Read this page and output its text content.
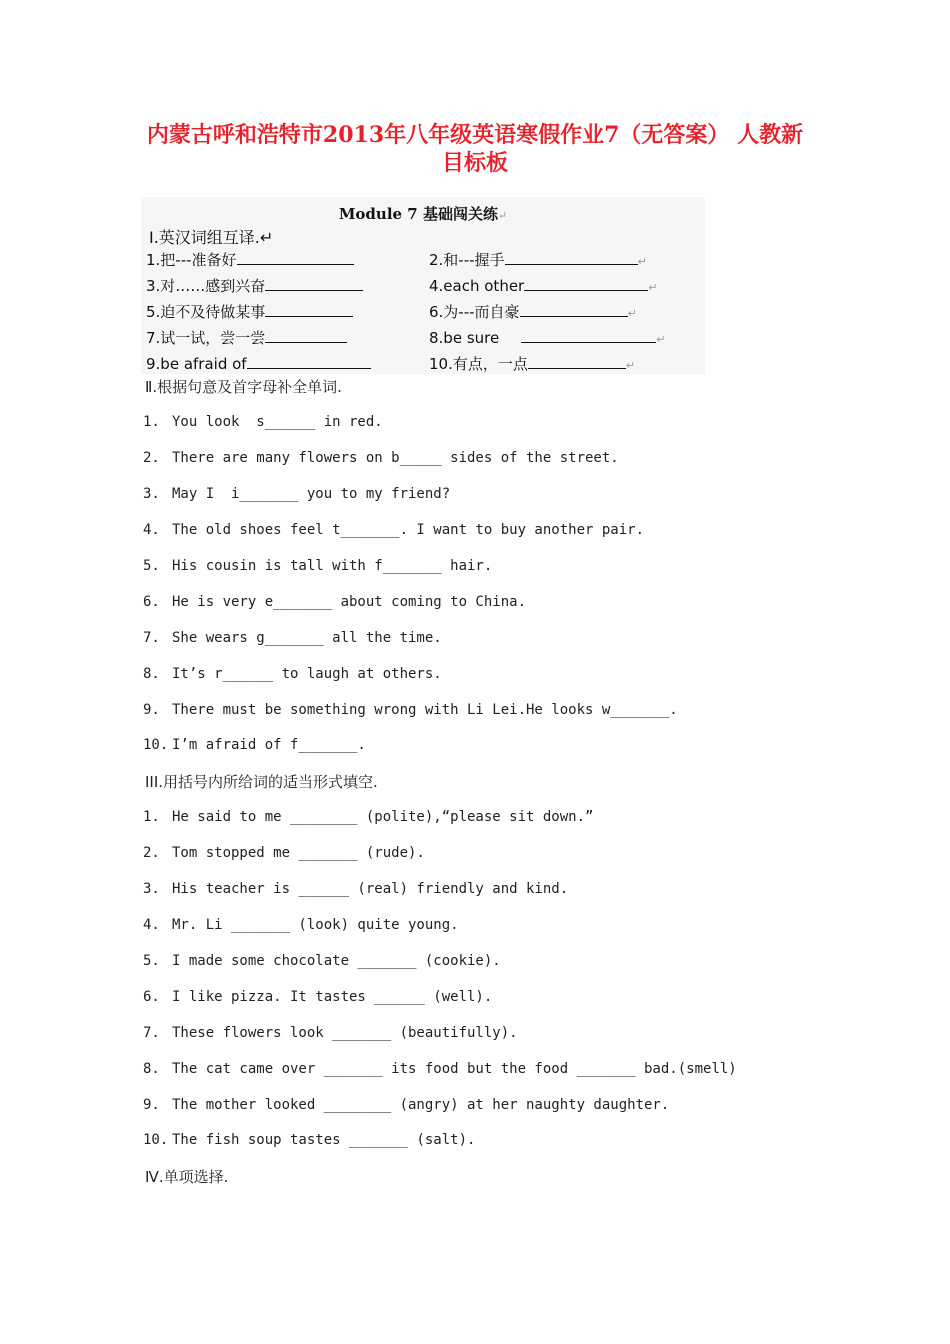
内蒙古呼和浩特市2013年八年级英语寒假作业7（无答案） 人教新
目标板
Module 7 基础闯关练↵
Ⅰ.英汉词组互译.↵
1.把---准备好	2.和---握手	↵
3.对……感到兴奋	4.each other	↵
5.迫不及待做某事	6.为---而自豪	↵
7.试一试，尝一尝	8.be sure	↵
9.be afraid of	10.有点，一点	↵
Ⅱ.根据句意及首字母补全单词.
1. You look  s______ in red.
2. There are many flowers on b_____ sides of the street.
3. May I  i_______ you to my friend?
4. The old shoes feel t_______. I want to buy another pair.
5. His cousin is tall with f_______ hair.
6. He is very e_______ about coming to China.
7. She wears g_______ all the time.
8. It’s r______ to laugh at others.
9. There must be something wrong with Li Lei.He looks w_______.
10. I’m afraid of f_______.
III.用括号内所给词的适当形式填空.
1. He said to me ________ (polite),“please sit down.”
2. Tom stopped me _______ (rude).
3. His teacher is ______ (real) friendly and kind.
4. Mr. Li _______ (look) quite young.
5. I made some chocolate _______ (cookie).
6. I like pizza. It tastes ______ (well).
7. These flowers look _______ (beautifully).
8. The cat came over _______ its food but the food _______ bad.(smell)
9. The mother looked ________ (angry) at her naughty daughter.
10. The fish soup tastes _______ (salt).
Ⅳ.单项选择.
